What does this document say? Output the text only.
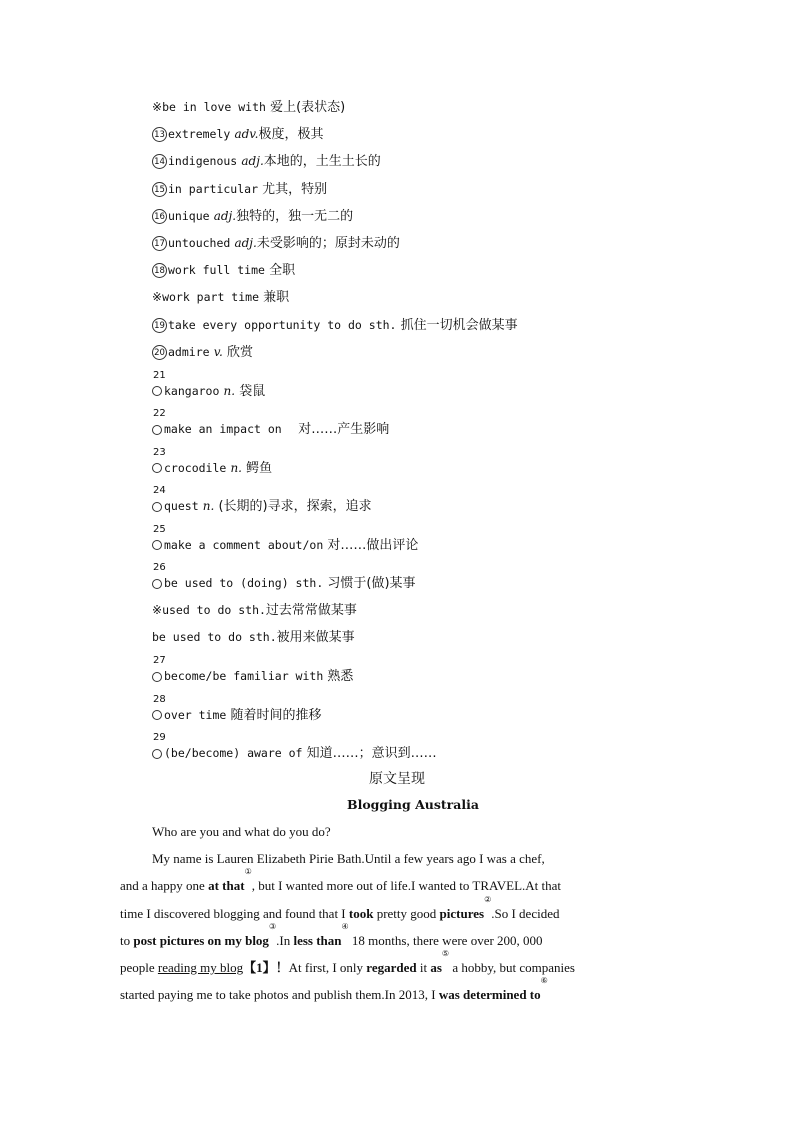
※be in love with 爱上(表状态)
13 extremely adv.极度，极其
14 indigenous adj.本地的，土生土长的
15 in particular 尤其，特别
16 unique adj.独特的，独一无二的
17 untouched adj.未受影响的；原封未动的
18 work full time 全职
※work part time 兼职
19 take every opportunity to do sth. 抓住一切机会做某事
20 admire v. 欣赏
21
kangaroo n. 袋鼠
22
make an impact on 对……产生影响
23
crocodile n. 鳄鱼
24
quest n. (长期的)寻求，探索，追求
25
make a comment about/on 对……做出评论
26
be used to (doing) sth. 习惯于(做)某事
※used to do sth.过去常常做某事
be used to do sth.被用来做某事
27
become/be familiar with 熟悉
28
over time 随着时间的推移
29
(be/become) aware of 知道……；意识到……
原文呈现
Blogging Australia
Who are you and what do you do?
My name is Lauren Elizabeth Pirie Bath.Until a few years ago I was a chef,
and a happy one at that
①
, but I wanted more out of life.I wanted to TRAVEL.At that
time I discovered blogging and found that I took pretty good pictures
②
.So I decided
to post pictures on my blog
③
.In less than
④
18 months, there were over 200, 000
people reading my blog 【1】！ At first, I only regarded it as
⑤
a hobby, but companies
started paying me to take photos and publish them.In 2013, I was determined to
⑥
